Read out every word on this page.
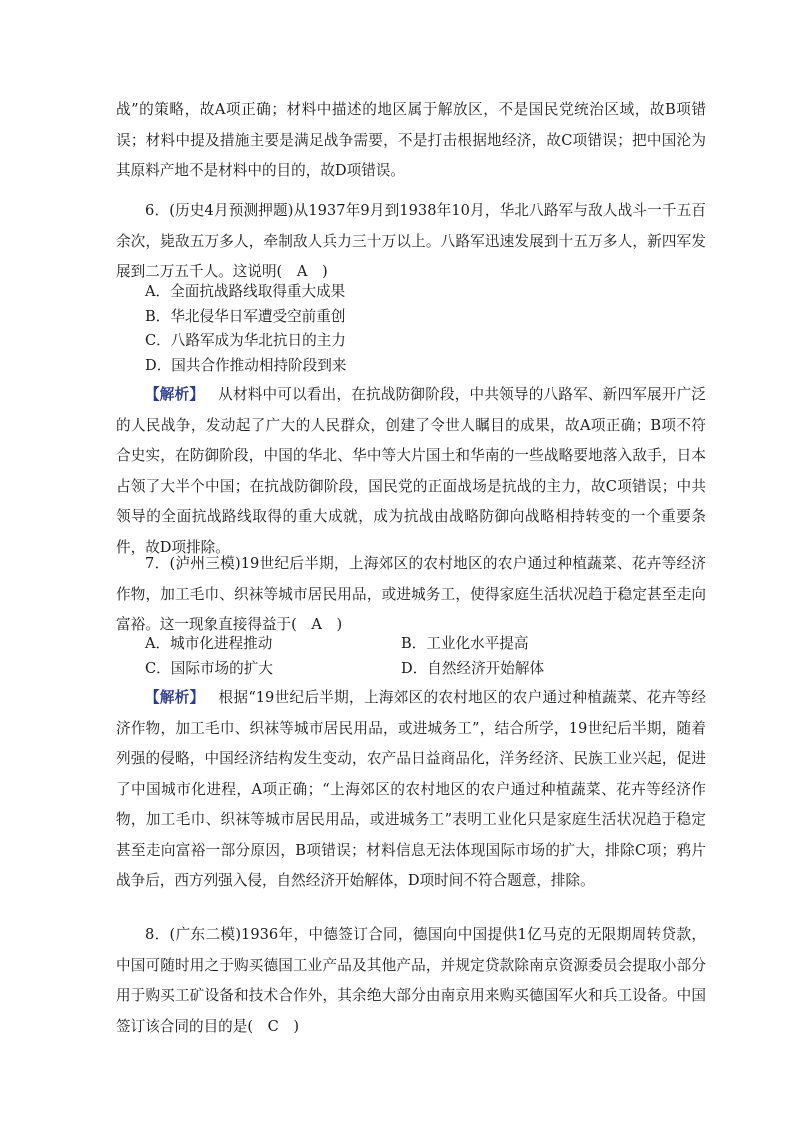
战”的策略，故A项正确；材料中描述的地区属于解放区，不是国民党统治区域，故B项错误；材料中提及措施主要是满足战争需要，不是打击根据地经济，故C项错误；把中国沦为其原料产地不是材料中的目的，故D项错误。

6．(历史4月预测押题)从1937年9月到1938年10月，华北八路军与敌人战斗一千五百余次，毙敌五万多人，牵制敌人兵力三十万以上。八路军迅速发展到十五万多人，新四军发展到二万五千人。这说明(　A　)

A．全面抗战路线取得重大成果

B．华北侵华日军遭受空前重创

C．八路军成为华北抗日的主力

D．国共合作推动相持阶段到来

【解析】 从材料中可以看出，在抗战防御阶段，中共领导的八路军、新四军展开广泛的人民战争，发动起了广大的人民群众，创建了令世人瞩目的成果，故A项正确；B项不符合史实，在防御阶段，中国的华北、华中等大片国土和华南的一些战略要地落入敌手，日本占领了大半个中国；在抗战防御阶段，国民党的正面战场是抗战的主力，故C项错误；中共领导的全面抗战路线取得的重大成就，成为抗战由战略防御向战略相持转变的一个重要条件，故D项排除。

7．(泸州三模)19世纪后半期，上海郊区的农村地区的农户通过种植蔬菜、花卉等经济作物，加工毛巾、织袜等城市居民用品，或进城务工，使得家庭生活状况趋于稳定甚至走向富裕。这一现象直接得益于(　A　)

A．城市化进程推动	B．工业化水平提高

C．国际市场的扩大	D．自然经济开始解体

【解析】 根据“19世纪后半期，上海郊区的农村地区的农户通过种植蔬菜、花卉等经济作物，加工毛巾、织袜等城市居民用品，或进城务工”，结合所学，19世纪后半期，随着列强的侵略，中国经济结构发生变动，农产品日益商品化，洋务经济、民族工业兴起，促进了中国城市化进程，A项正确；“上海郊区的农村地区的农户通过种植蔬菜、花卉等经济作物，加工毛巾、织袜等城市居民用品，或进城务工”表明工业化只是家庭生活状况趋于稳定甚至走向富裕一部分原因，B项错误；材料信息无法体现国际市场的扩大，排除C项；鸦片战争后，西方列强入侵，自然经济开始解体，D项时间不符合题意，排除。

8．(广东二模)1936年，中德签订合同，德国向中国提供1亿马克的无限期周转贷款，中国可随时用之于购买德国工业产品及其他产品，并规定贷款除南京资源委员会提取小部分用于购买工矿设备和技术合作外，其余绝大部分由南京用来购买德国军火和兵工设备。中国签订该合同的目的是(　C　)
